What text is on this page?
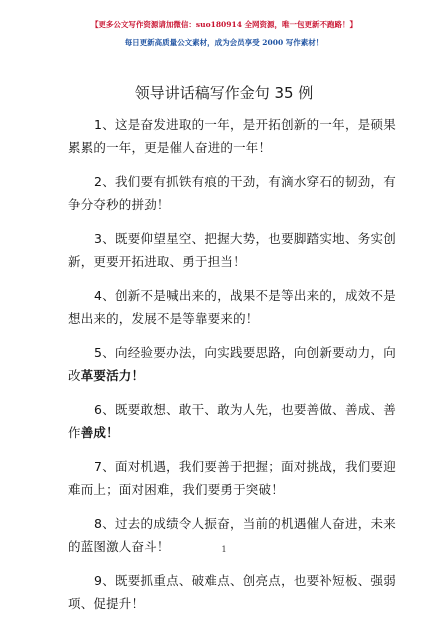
【更多公文写作资源请加微信：suo180914 全网资源，唯一包更新不跑路！】
每日更新高质量公文素材，成为会员享受 2000 写作素材！
领导讲话稿写作金句 35 例

1、这是奋发进取的一年，是开拓创新的一年，是硕果累累的一年，更是催人奋进的一年！

2、我们要有抓铁有痕的干劲，有滴水穿石的韧劲，有争分夺秒的拼劲！

3、既要仰望星空、把握大势，也要脚踏实地、务实创新，更要开拓进取、勇于担当！

4、创新不是喊出来的，战果不是等出来的，成效不是想出来的，发展不是等靠要来的！

5、向经验要办法，向实践要思路，向创新要动力，向改革要活力！

6、既要敢想、敢干、敢为人先，也要善做、善成、善作善成！

7、面对机遇，我们要善于把握；面对挑战，我们要迎难而上；面对困难，我们要勇于突破！

8、过去的成绩令人振奋，当前的机遇催人奋进，未来的蓝图激人奋斗！

9、既要抓重点、破难点、创亮点，也要补短板、强弱项、促提升！

1
